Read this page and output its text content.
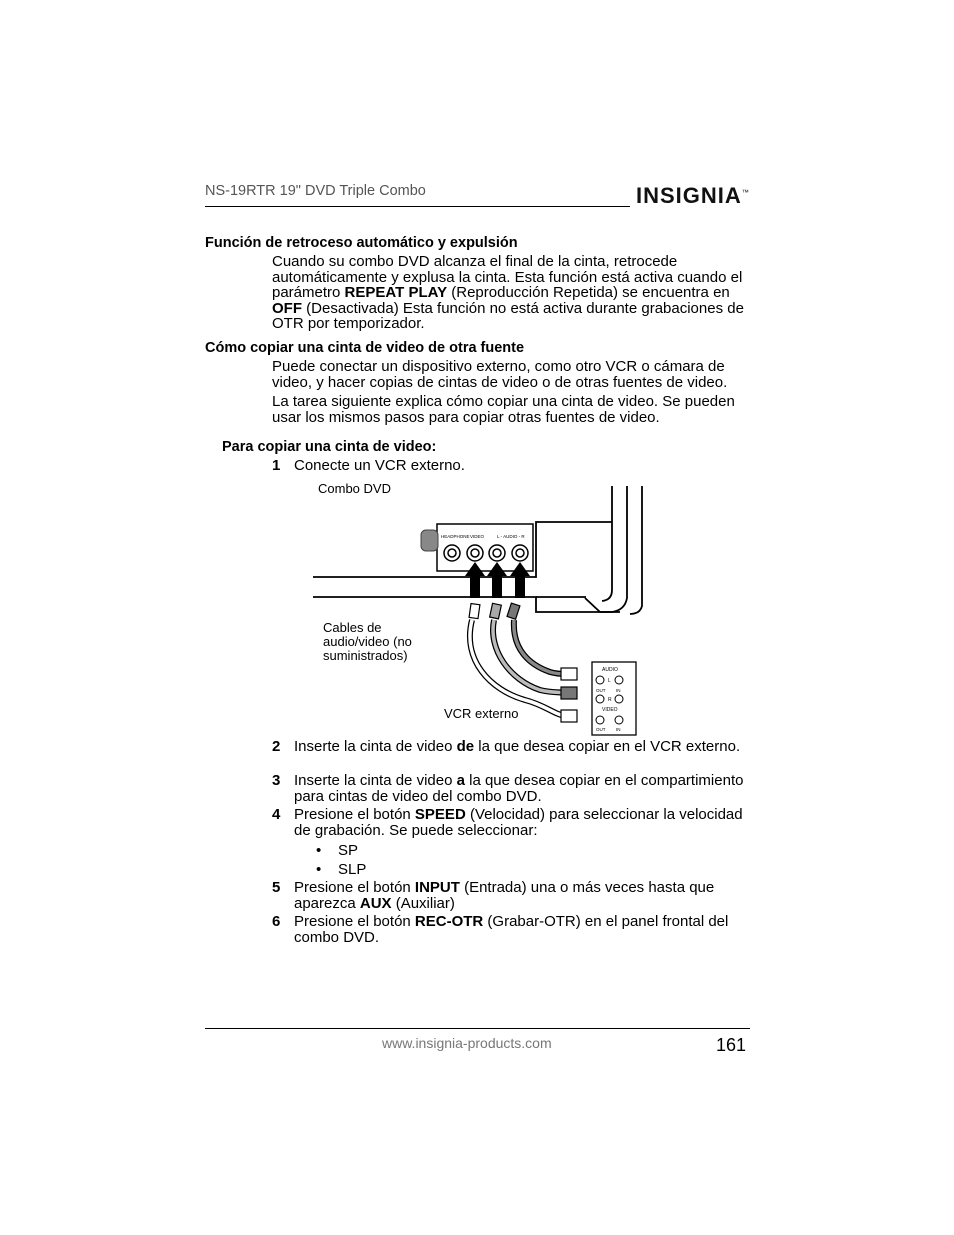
NS-19RTR 19" DVD Triple Combo	INSIGNIA™
Función de retroceso automático y expulsión
Cuando su combo DVD alcanza el final de la cinta, retrocede automáticamente y explusa la cinta. Esta función está activa cuando el parámetro REPEAT PLAY (Reproducción Repetida) se encuentra en OFF (Desactivada) Esta función no está activa durante grabaciones de OTR por temporizador.
Cómo copiar una cinta de video de otra fuente
Puede conectar un dispositivo externo, como otro VCR o cámara de video, y hacer copias de cintas de video o de otras fuentes de video.
La tarea siguiente explica cómo copiar una cinta de video. Se pueden usar los mismos pasos para copiar otras fuentes de video.
Para copiar una cinta de video:
1 Conecte un VCR externo.
HEADPHONE VIDEO	L - AUDIO - R
AUDIO
L
R
VIDEO
OUT IN
OUT IN
Combo DVD
Cables de audio/video (no suministrados)
VCR externo
2 Inserte la cinta de video de la que desea copiar en el VCR externo.
3 Inserte la cinta de video a la que desea copiar en el compartimiento para cintas de video del combo DVD.
4 Presione el botón SPEED (Velocidad) para seleccionar la velocidad de grabación. Se puede seleccionar:
• SP
• SLP
5 Presione el botón INPUT (Entrada) una o más veces hasta que aparezca AUX (Auxiliar)
6 Presione el botón REC-OTR (Grabar-OTR) en el panel frontal del combo DVD.
www.insignia-products.com	161
